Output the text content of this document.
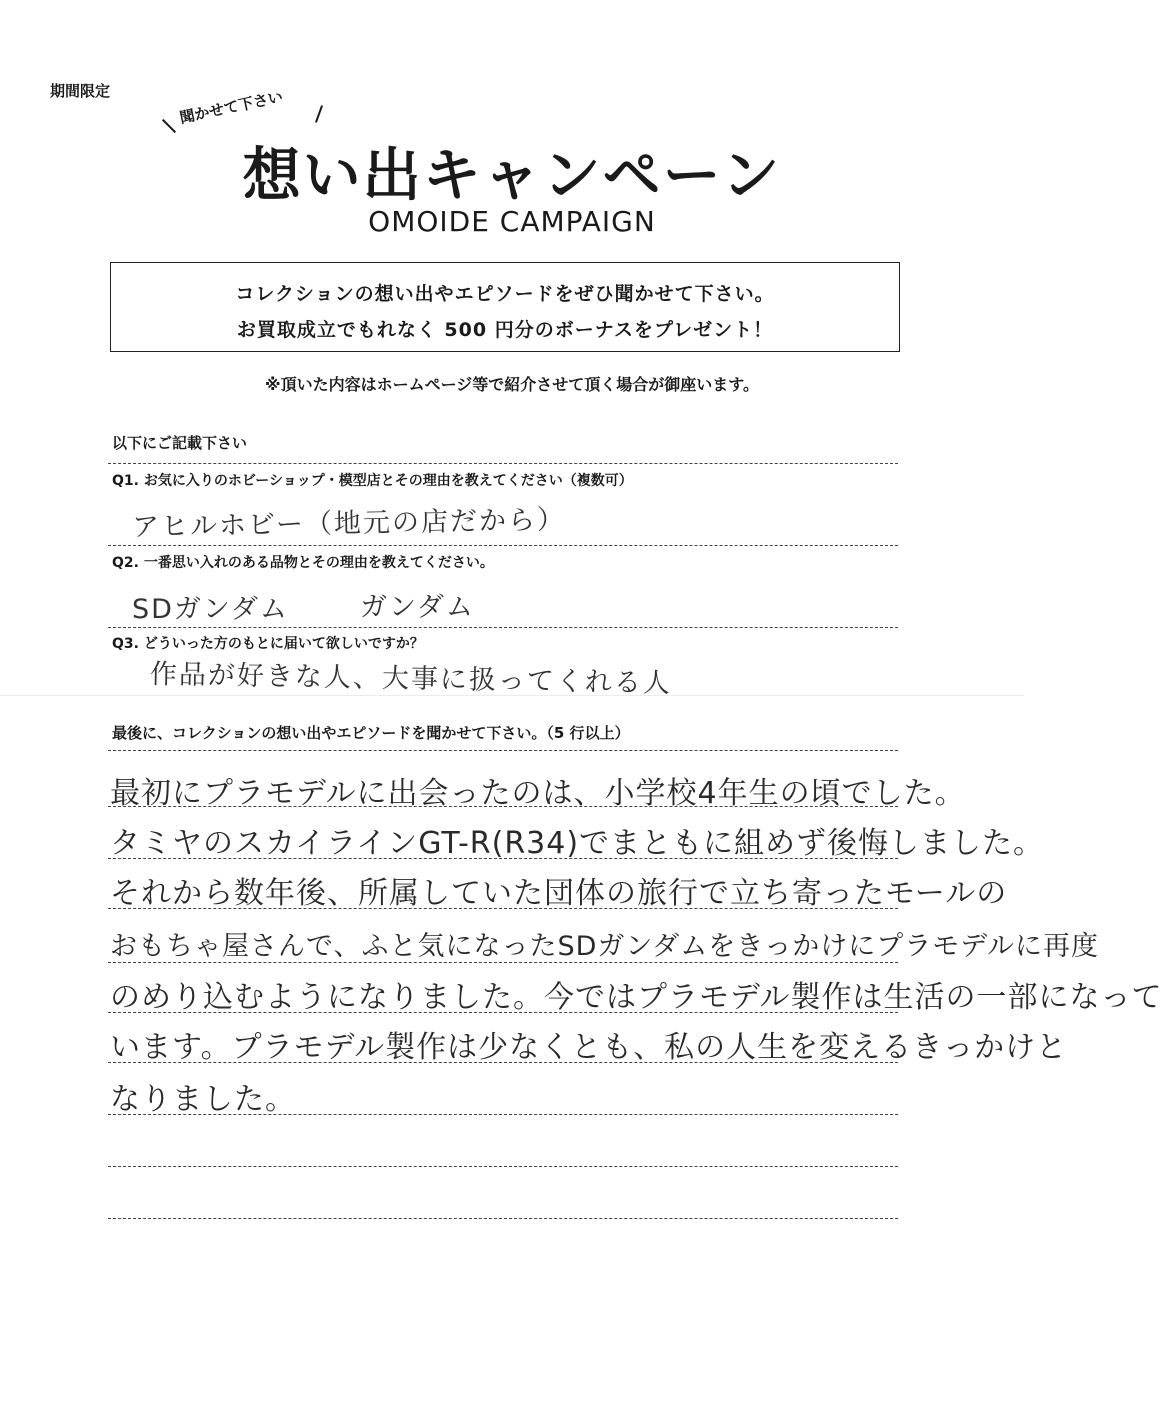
期間限定	聞かせて下さい
想い出キャンペーン
OMOIDE CAMPAIGN
コレクションの想い出やエピソードをぜひ聞かせて下さい。
お買取成立でもれなく 500 円分のボーナスをプレゼント！
※頂いた内容はホームページ等で紹介させて頂く場合が御座います。
以下にご記載下さい
Q1. お気に入りのホビーショップ・模型店とその理由を教えてください（複数可）
アヒルホビー（地元の店だから）
Q2. 一番思い入れのある品物とその理由を教えてください。
SDガンダム	ガンダム
Q3. どういった方のもとに届いて欲しいですか？
作品が好きな人、大事に扱ってくれる人
最後に、コレクションの想い出やエピソードを聞かせて下さい。（5 行以上）
最初にプラモデルに出会ったのは、小学校4年生の頃でした。
タミヤのスカイラインGT-R(R34)でまともに組めず後悔しました。
それから数年後、所属していた団体の旅行で立ち寄ったモールの
おもちゃ屋さんで、ふと気になったSDガンダムをきっかけにプラモデルに再度
のめり込むようになりました。今ではプラモデル製作は生活の一部になって
います。プラモデル製作は少なくとも、私の人生を変えるきっかけと
なりました。
